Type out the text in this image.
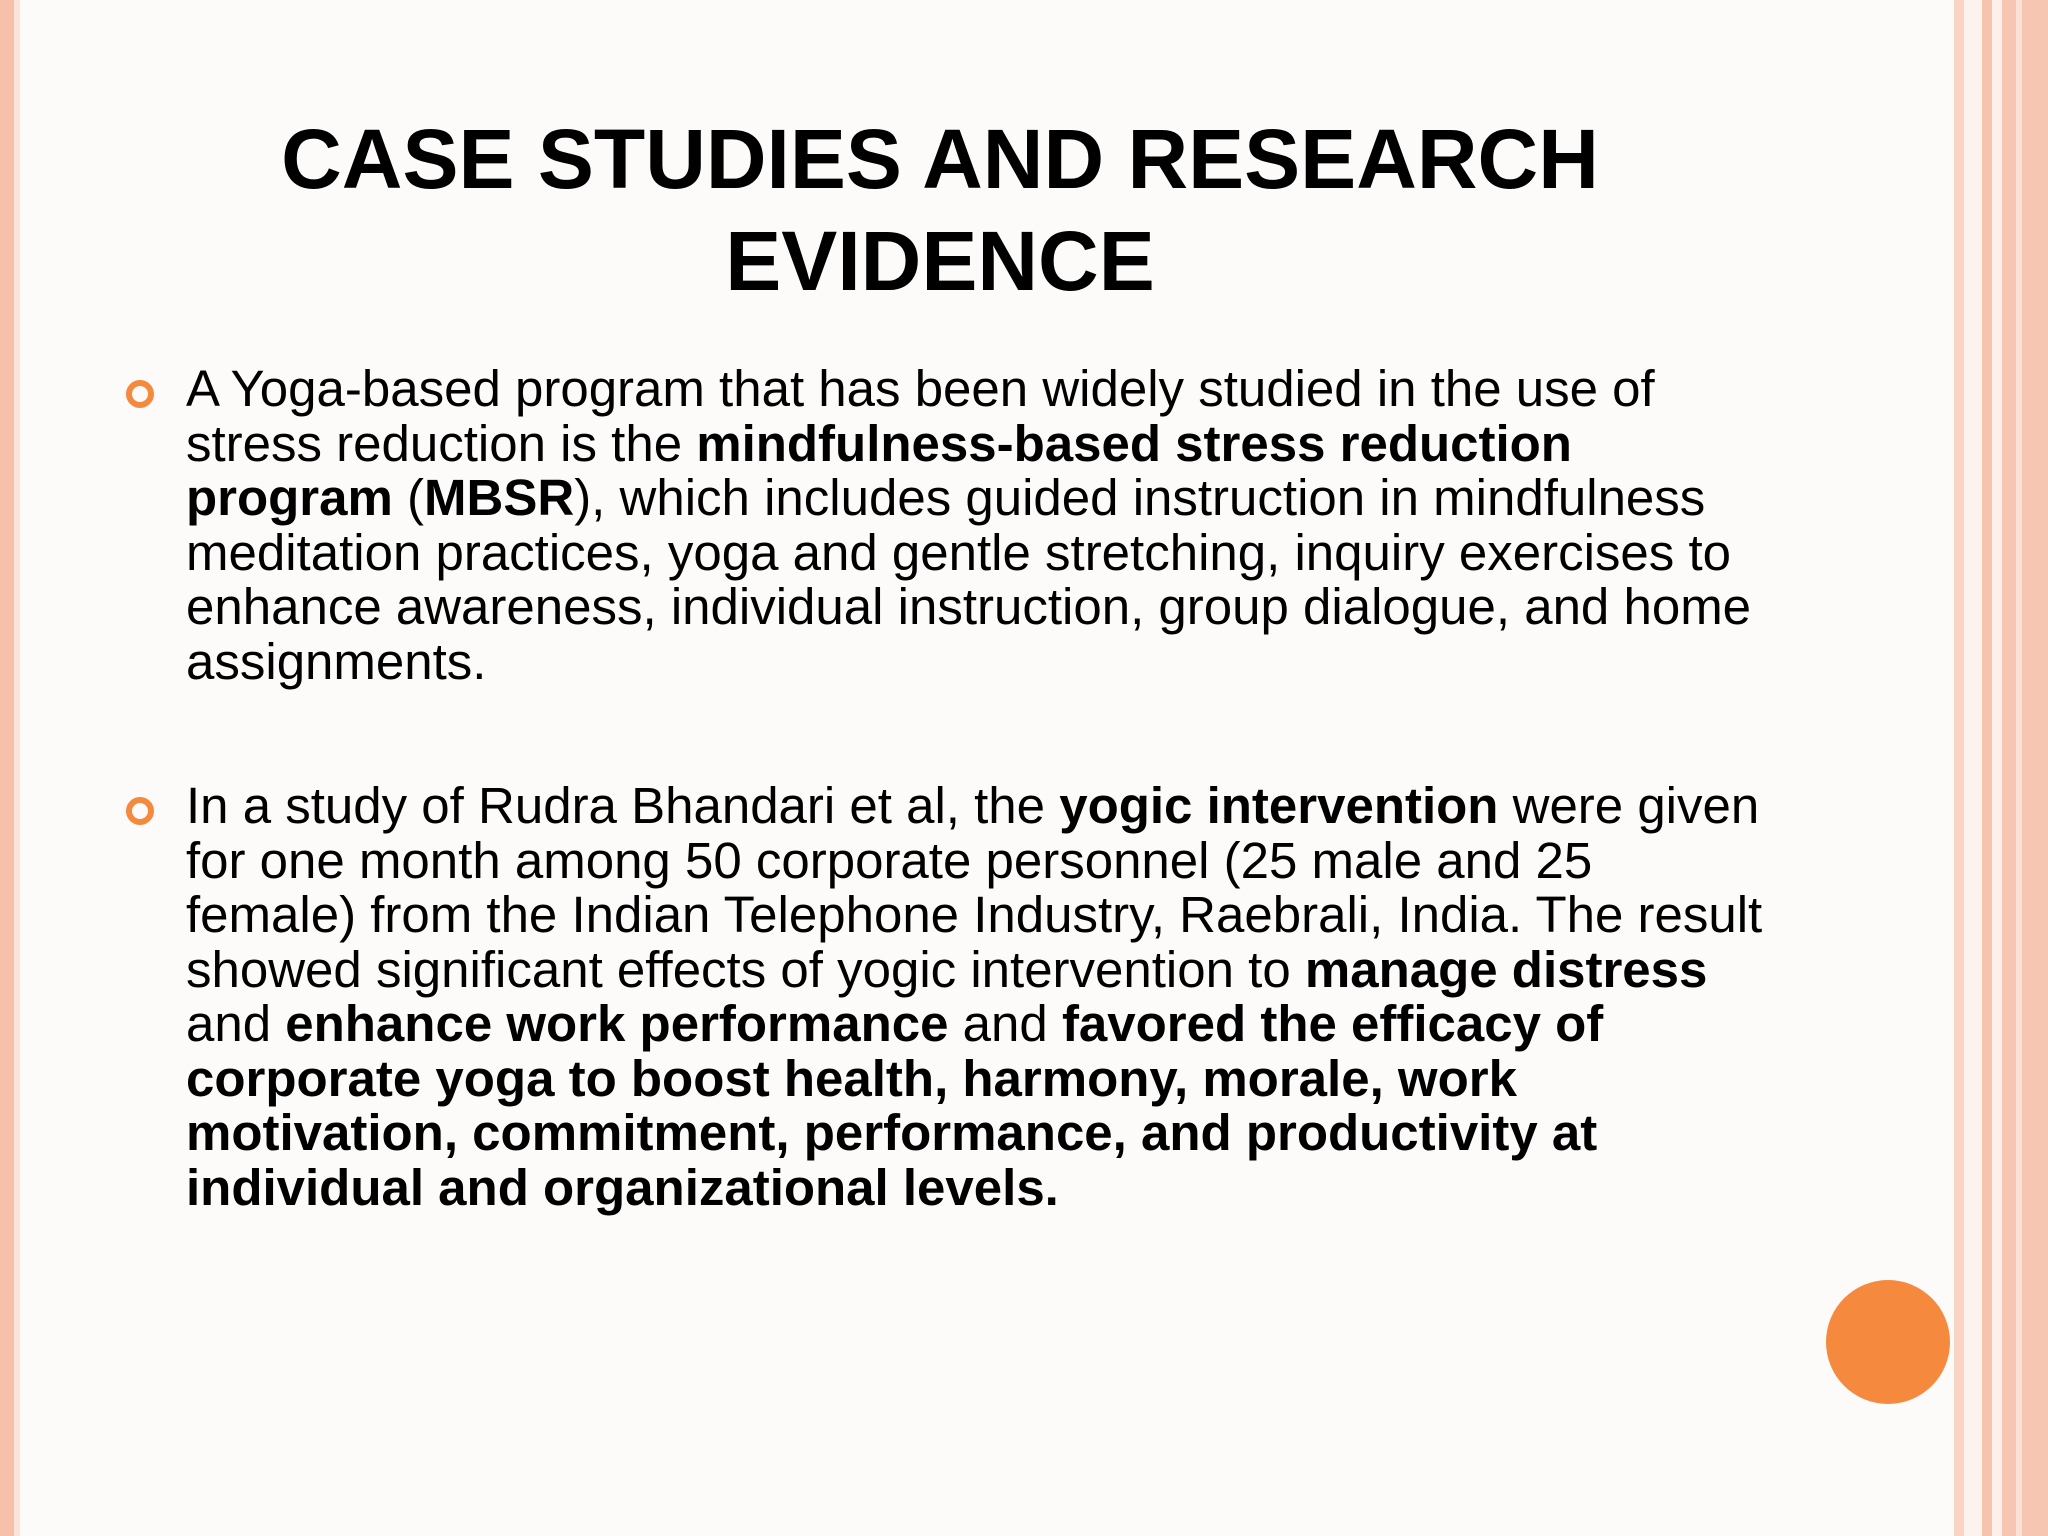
CASE STUDIES AND RESEARCH EVIDENCE
A Yoga-based program that has been widely studied in the use of stress reduction is the mindfulness-based stress reduction program (MBSR), which includes guided instruction in mindfulness meditation practices, yoga and gentle stretching, inquiry exercises to enhance awareness, individual instruction, group dialogue, and home assignments.
In a study of Rudra Bhandari et al, the yogic intervention were given for one month among 50 corporate personnel (25 male and 25 female) from the Indian Telephone Industry, Raebrali, India. The result showed significant effects of yogic intervention to manage distress and enhance work performance and favored the efficacy of corporate yoga to boost health, harmony, morale, work motivation, commitment, performance, and productivity at individual and organizational levels.
